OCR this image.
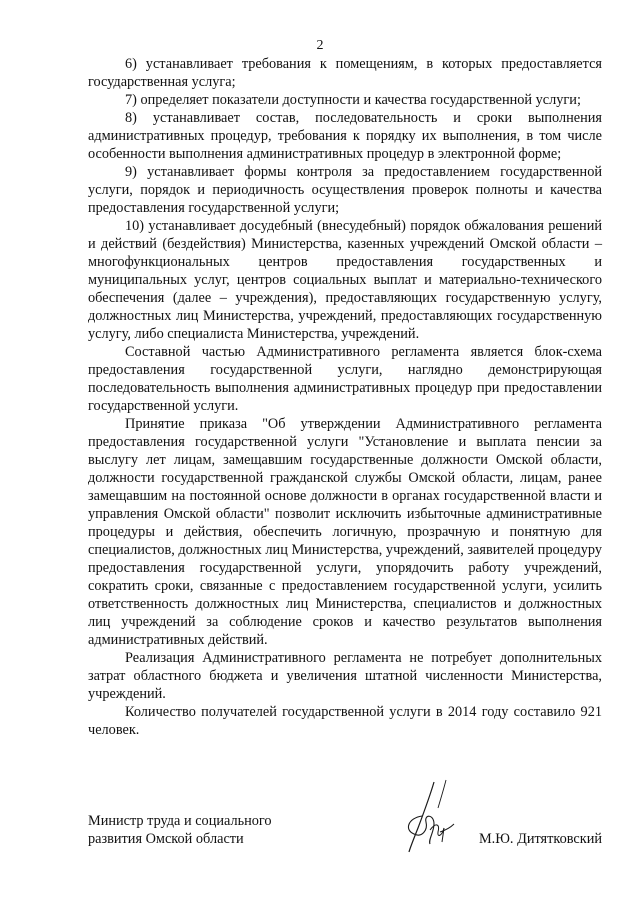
2

6) устанавливает требования к помещениям, в которых предоставляется государственная услуга;

7) определяет показатели доступности и качества государственной услуги;

8) устанавливает состав, последовательность и сроки выполнения административных процедур, требования к порядку их выполнения, в том числе особенности выполнения административных процедур в электронной форме;

9) устанавливает формы контроля за предоставлением государственной услуги, порядок и периодичность осуществления проверок полноты и качества предоставления государственной услуги;

10) устанавливает досудебный (внесудебный) порядок обжалования решений и действий (бездействия) Министерства, казенных учреждений Омской области – многофункциональных центров предоставления государственных и муниципальных услуг, центров социальных выплат и материально-технического обеспечения (далее – учреждения), предоставляющих государственную услугу, должностных лиц Министерства, учреждений, предоставляющих государственную услугу, либо специалиста Министерства, учреждений.

Составной частью Административного регламента является блок-схема предоставления государственной услуги, наглядно демонстрирующая последовательность выполнения административных процедур при предоставлении государственной услуги.

Принятие приказа "Об утверждении Административного регламента предоставления государственной услуги "Установление и выплата пенсии за выслугу лет лицам, замещавшим государственные должности Омской области, должности государственной гражданской службы Омской области, лицам, ранее замещавшим на постоянной основе должности в органах государственной власти и управления Омской области" позволит исключить избыточные административные процедуры и действия, обеспечить логичную, прозрачную и понятную для специалистов, должностных лиц Министерства, учреждений, заявителей процедуру предоставления государственной услуги, упорядочить работу учреждений, сократить сроки, связанные с предоставлением государственной услуги, усилить ответственность должностных лиц Министерства, специалистов и должностных лиц учреждений за соблюдение сроков и качество результатов выполнения административных действий.

Реализация Административного регламента не потребует дополнительных затрат областного бюджета и увеличения штатной численности Министерства, учреждений.

Количество получателей государственной услуги в 2014 году составило 921 человек.

Министр труда и социального
развития Омской области	М.Ю. Дитятковский
